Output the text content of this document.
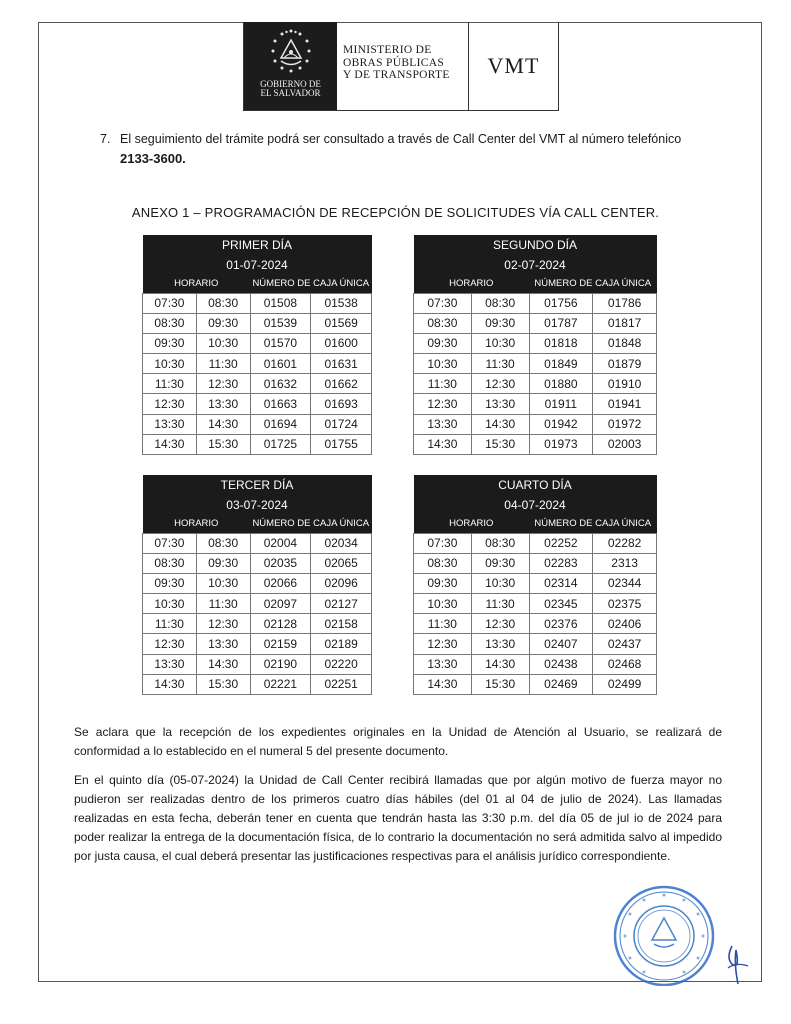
GOBIERNO DE
EL SALVADOR
MINISTERIO DE
OBRAS PÚBLICAS
Y DE TRANSPORTE	VMT
7. El seguimiento del trámite podrá ser consultado a través de Call Center del VMT al número telefónico
2133-3600.
ANEXO 1 – PROGRAMACIÓN DE RECEPCIÓN DE SOLICITUDES VÍA CALL CENTER.
PRIMER DÍA			
01-07-2024			
HORARIO		NÚMERO DE CAJA ÚNICA	
07:30	08:30	01508	01538
08:30	09:30	01539	01569
09:30	10:30	01570	01600
10:30	11:30	01601	01631
11:30	12:30	01632	01662
12:30	13:30	01663	01693
13:30	14:30	01694	01724
14:30	15:30	01725	01755
SEGUNDO DÍA			
02-07-2024			
HORARIO		NÚMERO DE CAJA ÚNICA	
07:30	08:30	01756	01786
08:30	09:30	01787	01817
09:30	10:30	01818	01848
10:30	11:30	01849	01879
11:30	12:30	01880	01910
12:30	13:30	01911	01941
13:30	14:30	01942	01972
14:30	15:30	01973	02003
TERCER DÍA			
03-07-2024			
HORARIO		NÚMERO DE CAJA ÚNICA	
07:30	08:30	02004	02034
08:30	09:30	02035	02065
09:30	10:30	02066	02096
10:30	11:30	02097	02127
11:30	12:30	02128	02158
12:30	13:30	02159	02189
13:30	14:30	02190	02220
14:30	15:30	02221	02251
CUARTO DÍA			
04-07-2024			
HORARIO		NÚMERO DE CAJA ÚNICA	
07:30	08:30	02252	02282
08:30	09:30	02283	2313
09:30	10:30	02314	02344
10:30	11:30	02345	02375
11:30	12:30	02376	02406
12:30	13:30	02407	02437
13:30	14:30	02438	02468
14:30	15:30	02469	02499

Se aclara que la recepción de los expedientes originales en la Unidad de Atención al Usuario, se realizará de conformidad a lo establecido en el numeral 5 del presente documento.

En el quinto día (05-07-2024) la Unidad de Call Center recibirá llamadas que por algún motivo de fuerza mayor no pudieron ser realizadas dentro de los primeros cuatro días hábiles (del 01 al 04 de julio de 2024). Las llamadas realizadas en esta fecha, deberán tener en cuenta que tendrán hasta las 3:30 p.m. del día 05 de jul io de 2024 para poder realizar la entrega de la documentación física, de lo contrario la documentación no será admitida salvo al impedido por justa causa, el cual deberá presentar las justificaciones respectivas para el análisis jurídico correspondiente.
